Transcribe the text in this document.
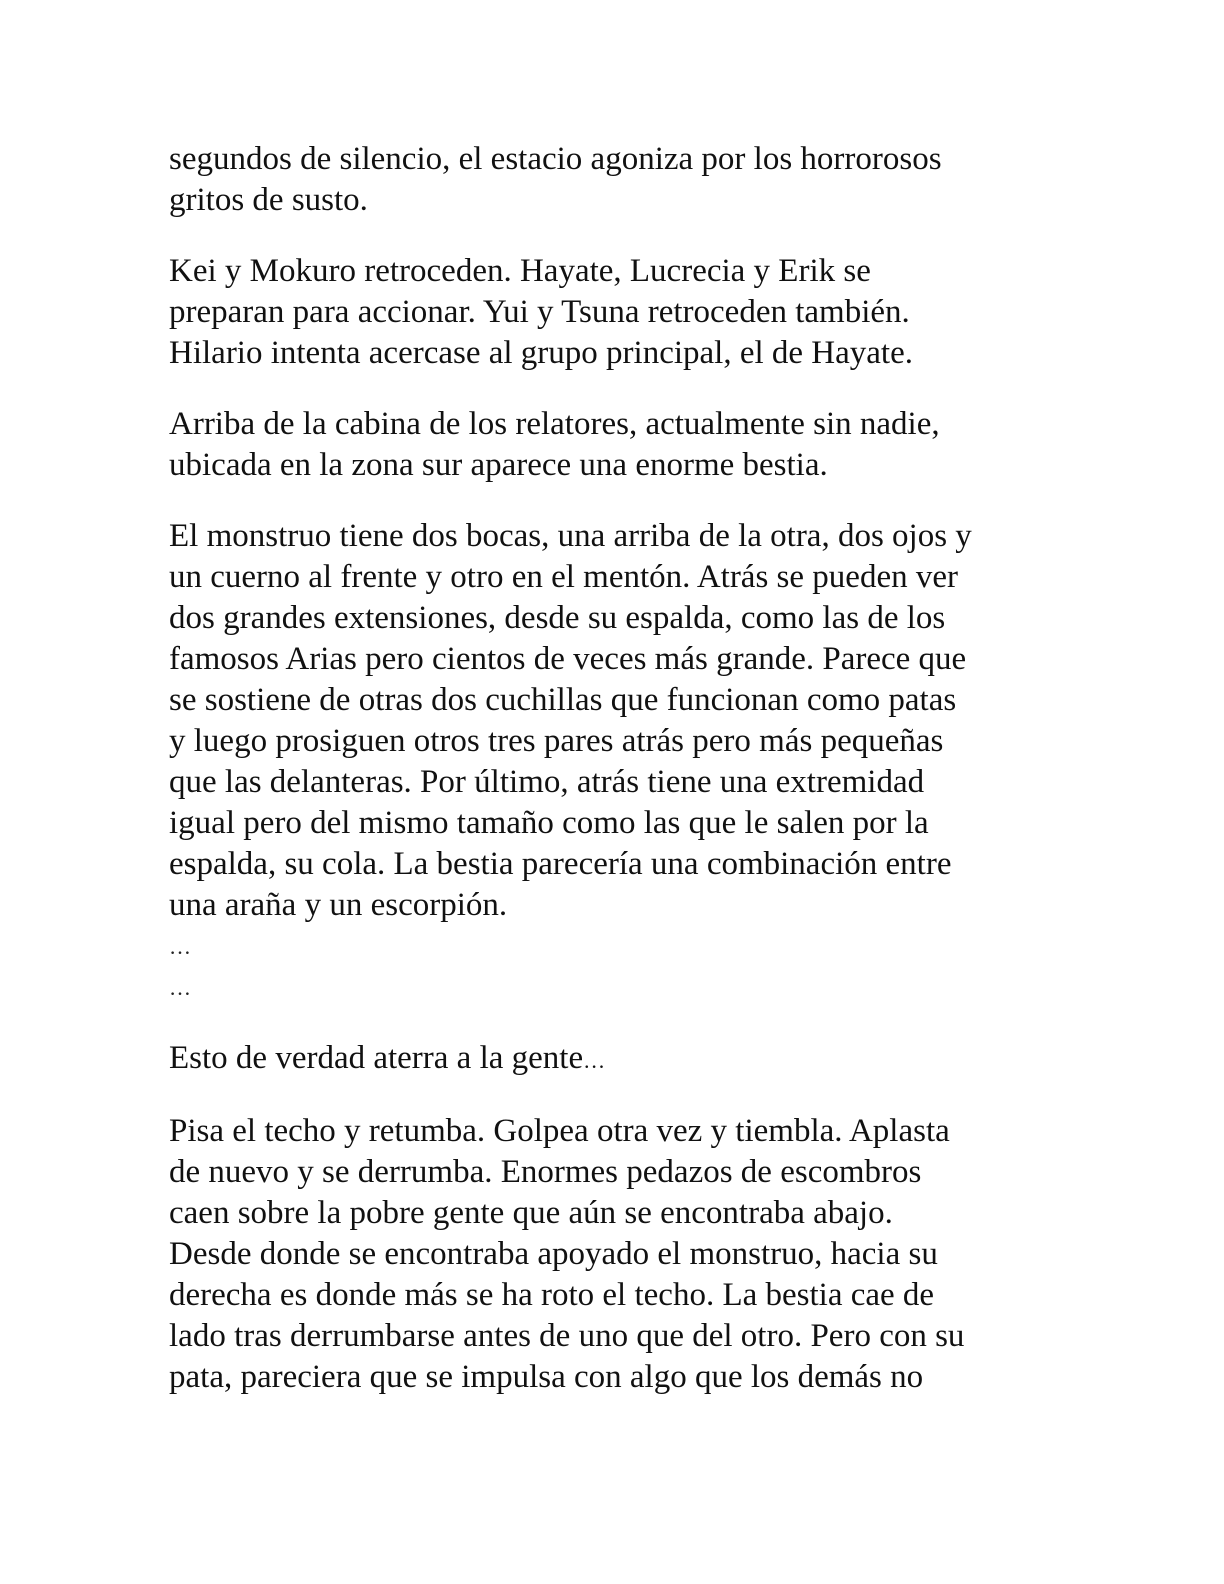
segundos de silencio, el estacio agoniza por los horrorosos
gritos de susto.

Kei y Mokuro retroceden. Hayate, Lucrecia y Erik se
preparan para accionar. Yui y Tsuna retroceden también.
Hilario intenta acercase al grupo principal, el de Hayate.

Arriba de la cabina de los relatores, actualmente sin nadie,
ubicada en la zona sur aparece una enorme bestia.

El monstruo tiene dos bocas, una arriba de la otra, dos ojos y
un cuerno al frente y otro en el mentón. Atrás se pueden ver
dos grandes extensiones, desde su espalda, como las de los
famosos Arias pero cientos de veces más grande. Parece que
se sostiene de otras dos cuchillas que funcionan como patas
y luego prosiguen otros tres pares atrás pero más pequeñas
que las delanteras. Por último, atrás tiene una extremidad
igual pero del mismo tamaño como las que le salen por la
espalda, su cola. La bestia parecería una combinación entre
una araña y un escorpión.

…

…

Esto de verdad aterra a la gente…

Pisa el techo y retumba. Golpea otra vez y tiembla. Aplasta
de nuevo y se derrumba. Enormes pedazos de escombros
caen sobre la pobre gente que aún se encontraba abajo.
Desde donde se encontraba apoyado el monstruo, hacia su
derecha es donde más se ha roto el techo. La bestia cae de
lado tras derrumbarse antes de uno que del otro. Pero con su
pata, pareciera que se impulsa con algo que los demás no
